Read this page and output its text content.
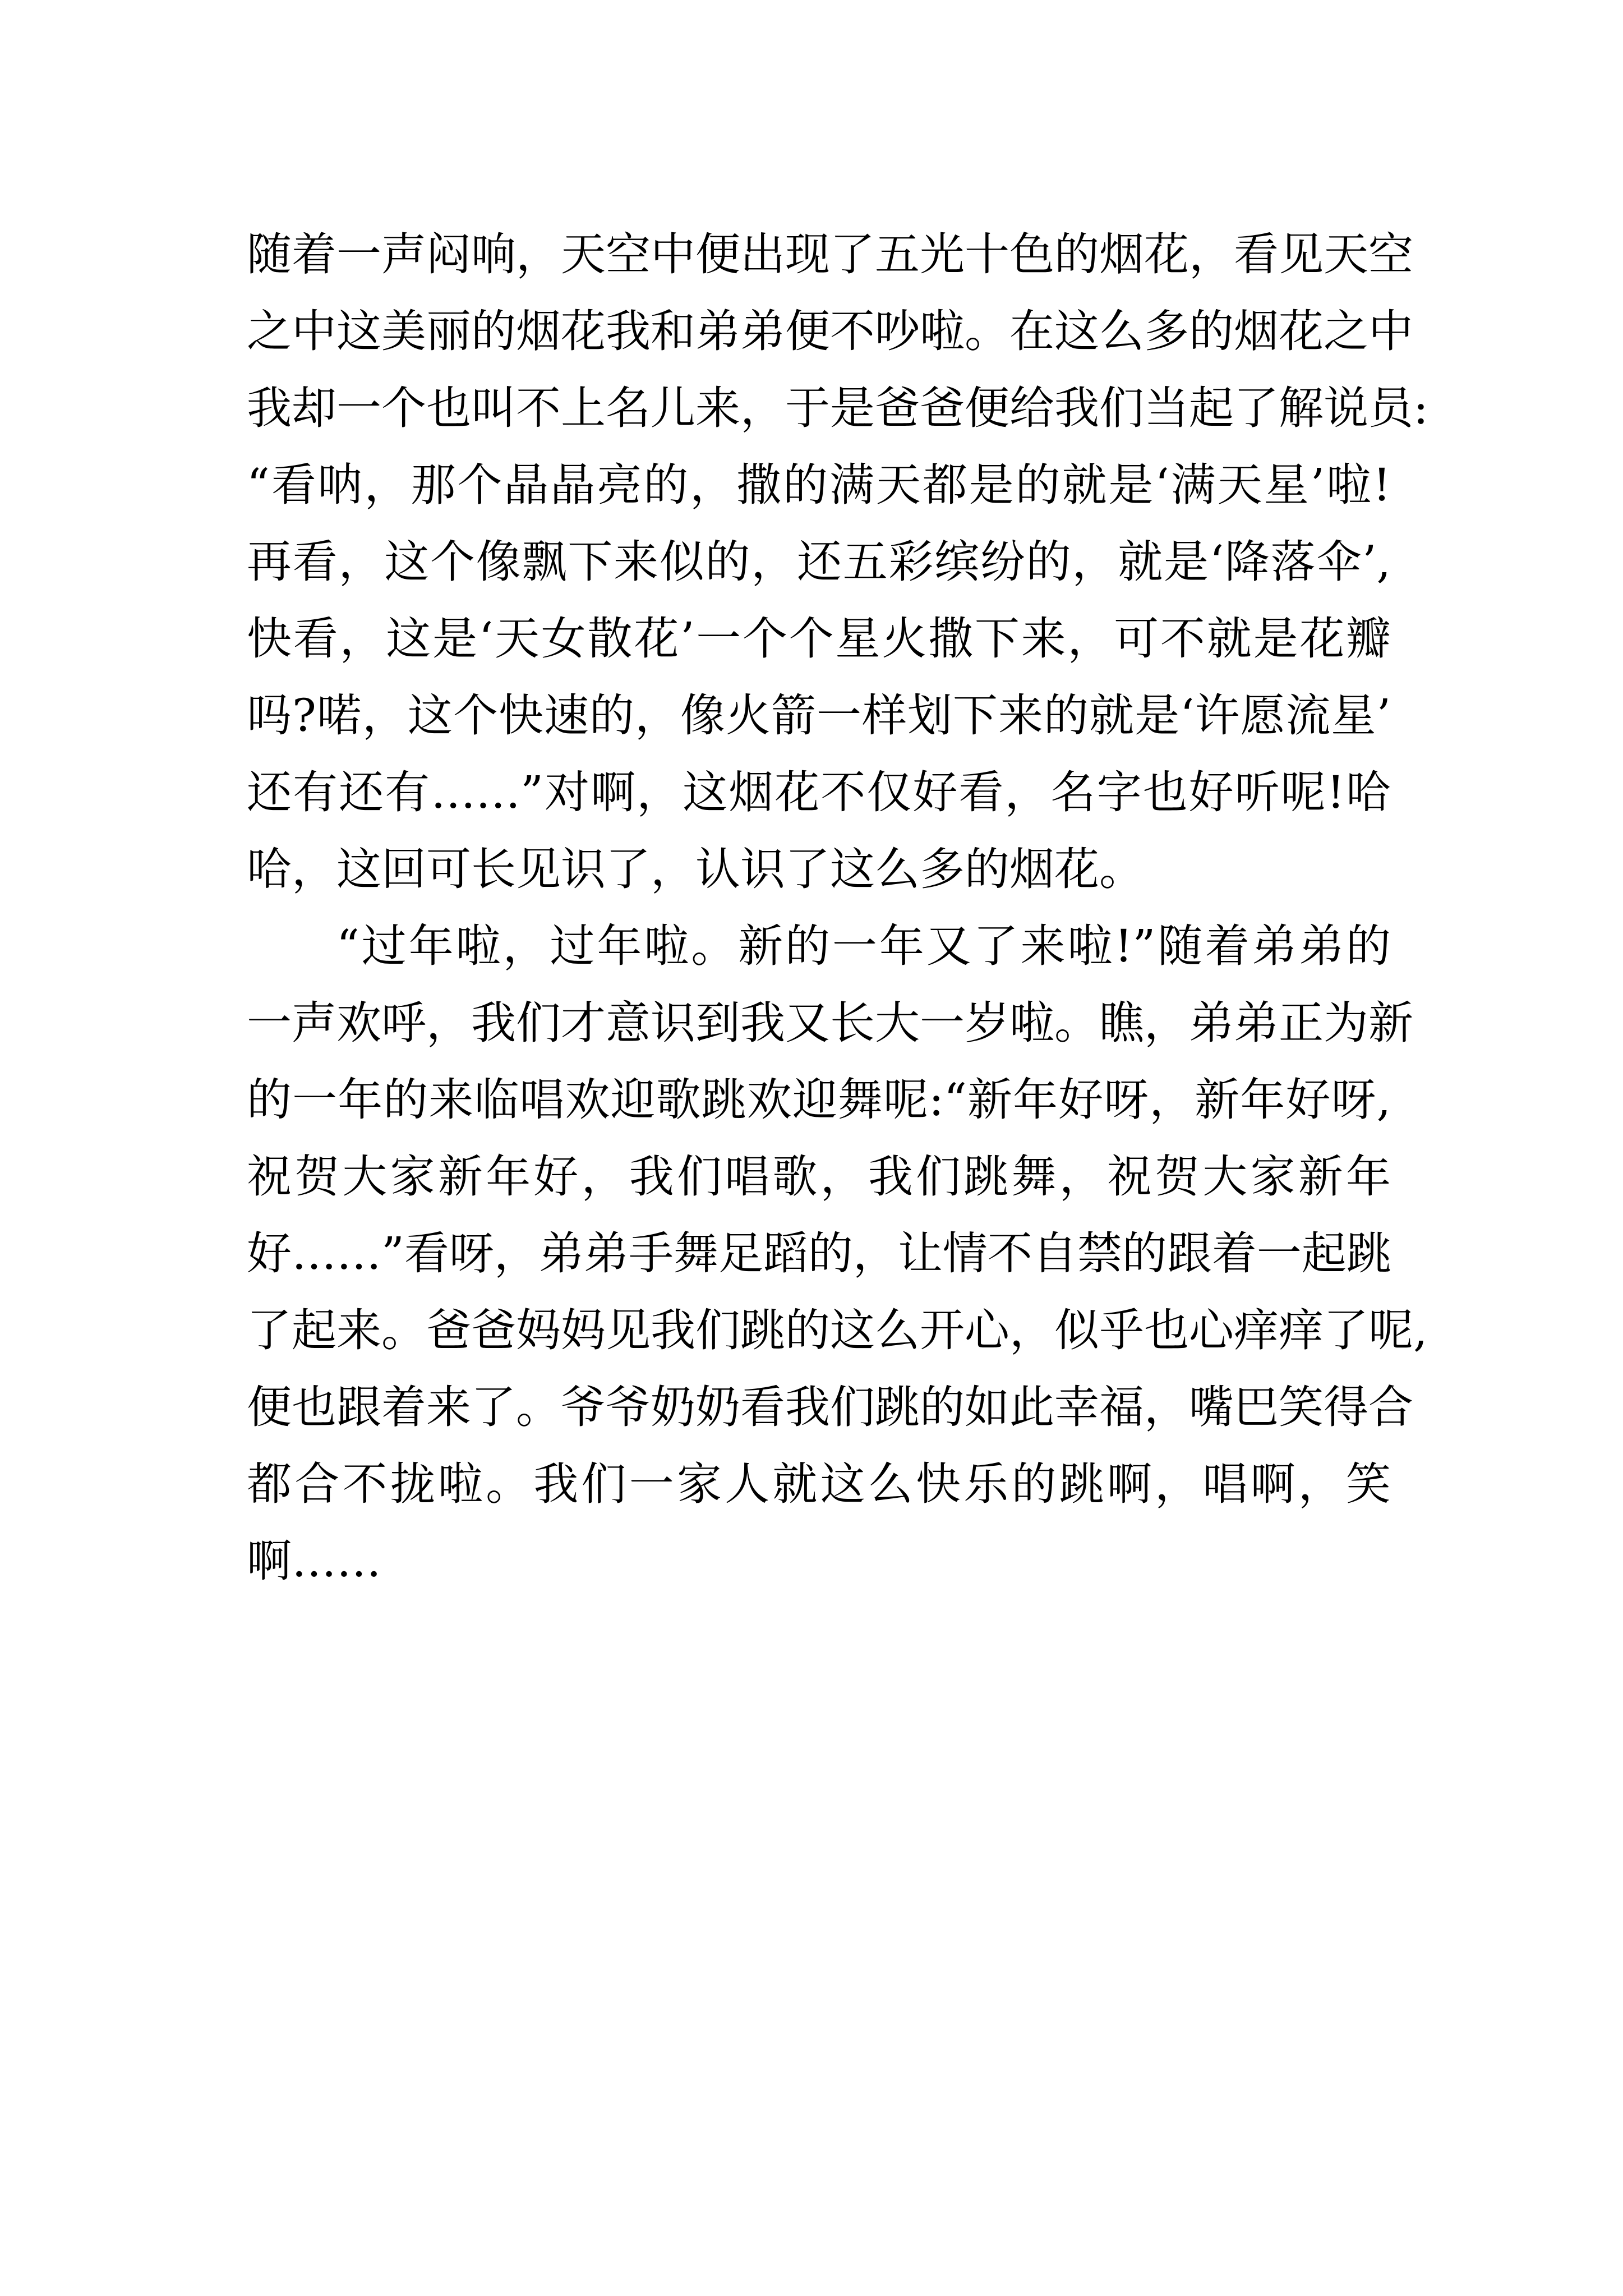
随着一声闷响，天空中便出现了五光十色的烟花，看见天空
之中这美丽的烟花我和弟弟便不吵啦。在这么多的烟花之中
我却一个也叫不上名儿来，于是爸爸便给我们当起了解说员:
“看呐，那个晶晶亮的，撒的满天都是的就是‘满天星’啦!
再看，这个像飘下来似的，还五彩缤纷的，就是‘降落伞’,
快看，这是‘天女散花’一个个星火撒下来，可不就是花瓣
吗?喏，这个快速的，像火箭一样划下来的就是‘许愿流星’
还有还有……”对啊，这烟花不仅好看，名字也好听呢!哈
哈，这回可长见识了，认识了这么多的烟花。
“过年啦，过年啦。新的一年又了来啦!”随着弟弟的
一声欢呼，我们才意识到我又长大一岁啦。瞧，弟弟正为新
的一年的来临唱欢迎歌跳欢迎舞呢:“新年好呀，新年好呀,
祝贺大家新年好，我们唱歌，我们跳舞，祝贺大家新年
好……”看呀，弟弟手舞足蹈的，让情不自禁的跟着一起跳
了起来。爸爸妈妈见我们跳的这么开心，似乎也心痒痒了呢,
便也跟着来了。爷爷奶奶看我们跳的如此幸福，嘴巴笑得合
都合不拢啦。我们一家人就这么快乐的跳啊，唱啊，笑
啊……
